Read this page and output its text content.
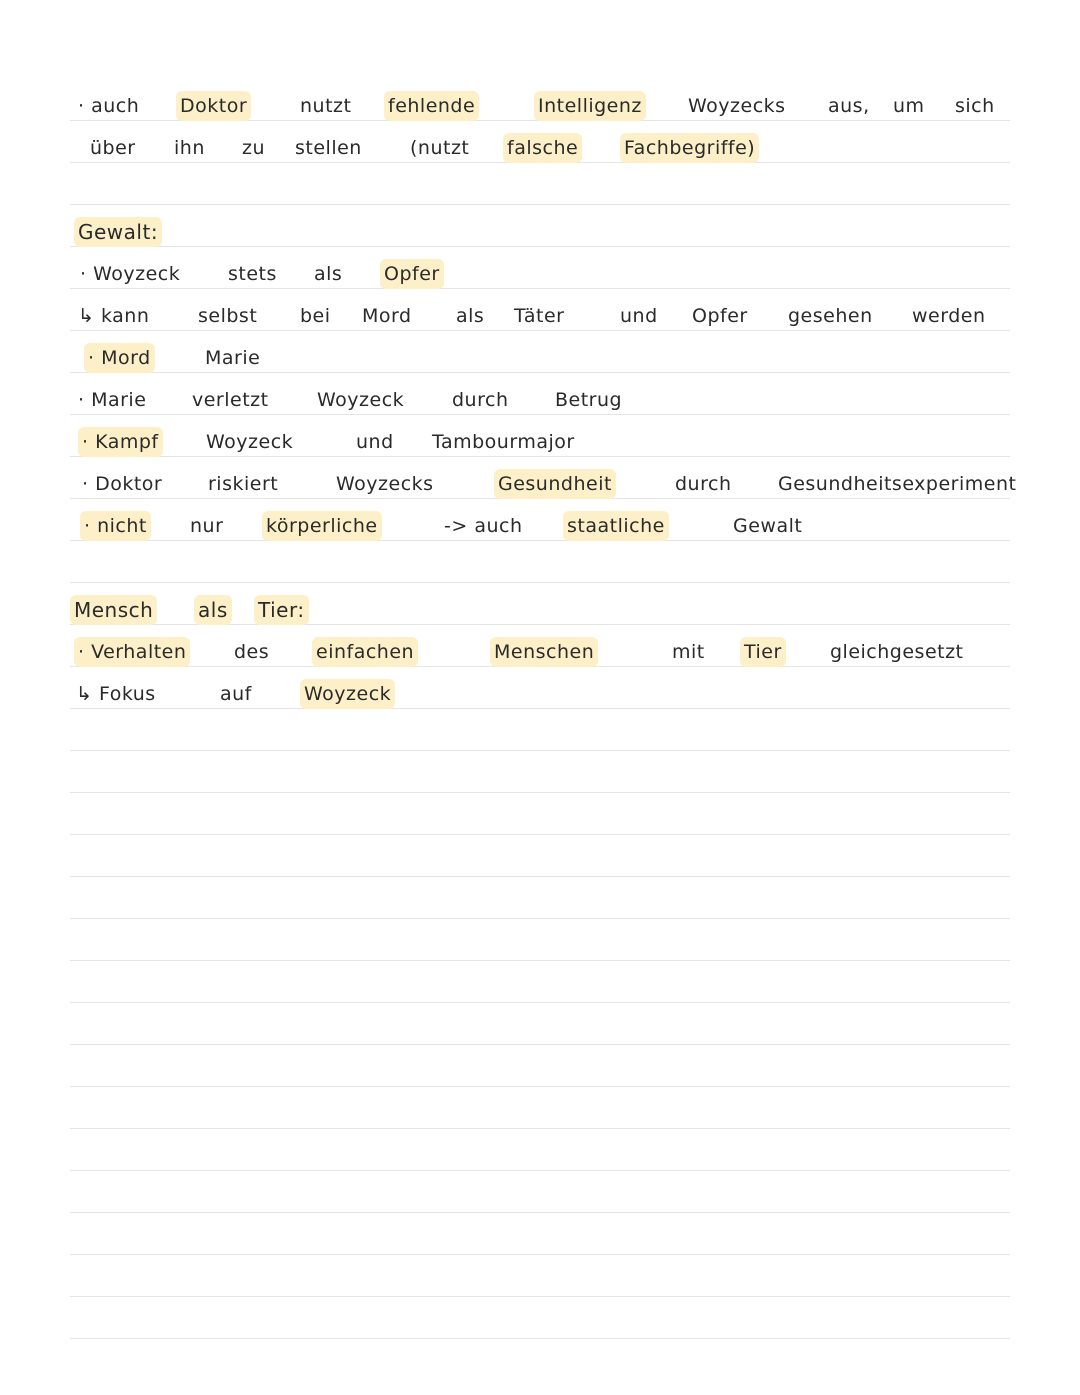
· auch Doktor	nutzt fehlende	Intelligenz Woyzecks aus, um sich
über ihn zu stellen	(nutzt falsche Fachbegriffe)
Gewalt:
· Woyzeck	stets als Opfer
↳ kann	selbst bei Mord als Täter	und Opfer gesehen werden
· Mord	Marie
· Marie verletzt	Woyzeck	durch Betrug
· Kampf Woyzeck	und Tambourmajor
· Doktor riskiert	Woyzecks	Gesundheit	durch Gesundheitsexperiment
· nicht nur körperliche	-> auch staatliche	Gewalt
Mensch als Tier:
· Verhalten	des einfachen	Menschen	mit Tier	gleichgesetzt
↳ Fokus	auf	Woyzeck
